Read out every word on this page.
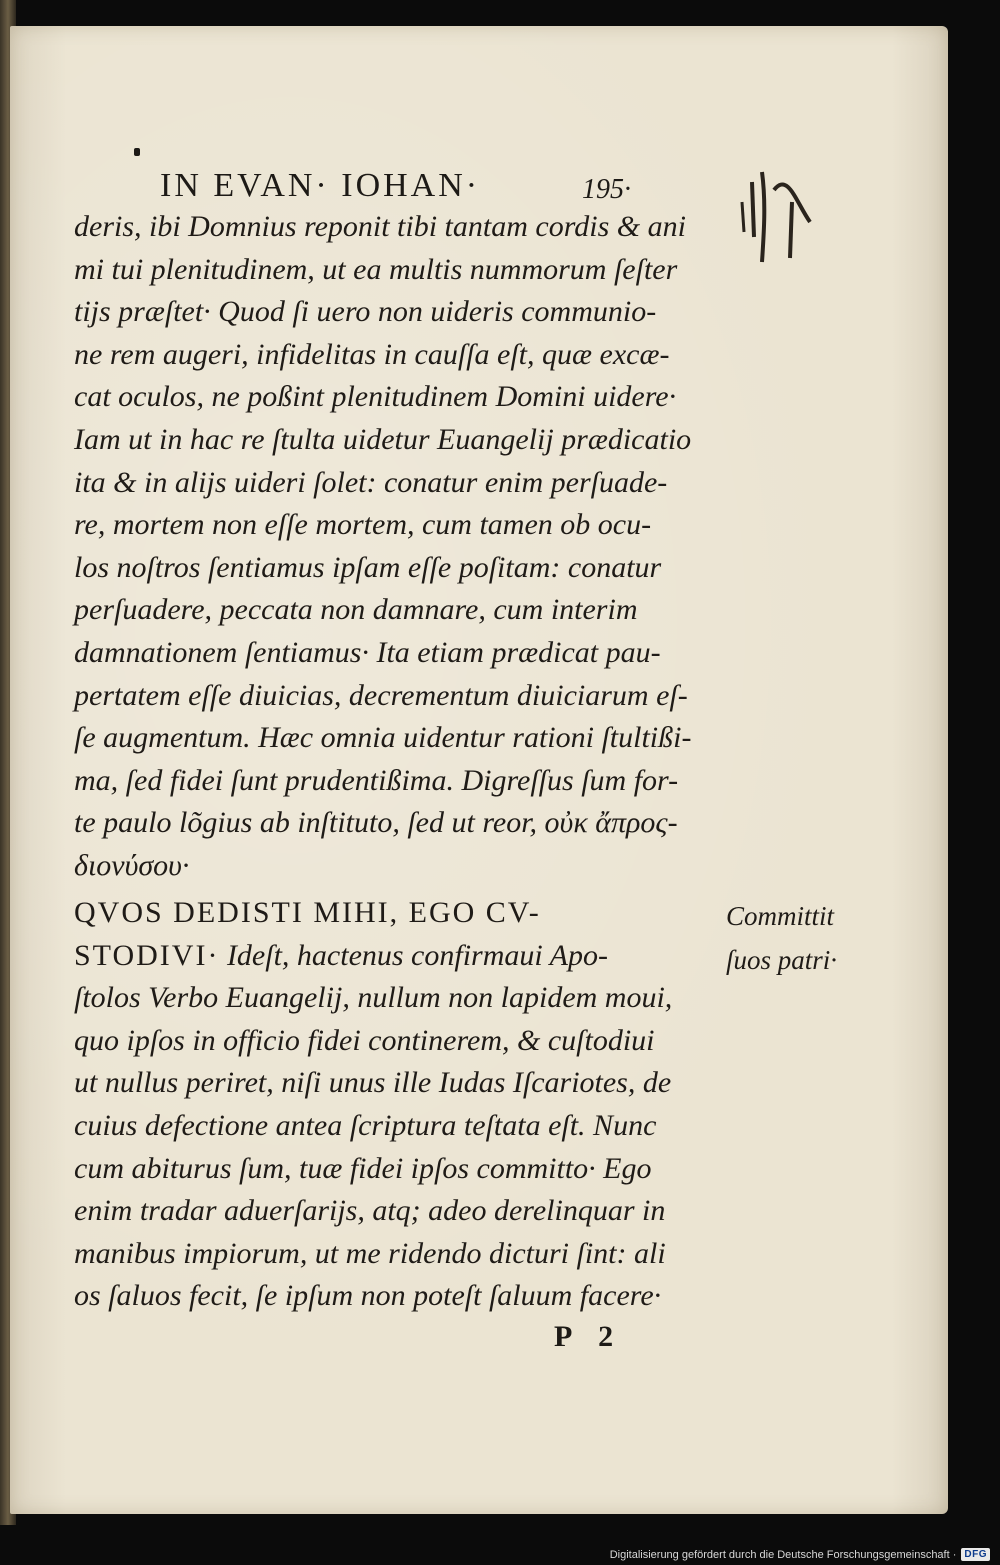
IN EVAN· IOHAN·	195·
deris, ibi Domnius reponit tibi tantam cordis & ani
mi tui plenitudinem, ut ea multis nummorum ſeſter
tijs præſtet· Quod ſi uero non uideris communio-
ne rem augeri, infidelitas in cauſſa eſt, quæ excæ-
cat oculos, ne poßint plenitudinem Domini uidere·
Iam ut in hac re ſtulta uidetur Euangelij prædicatio
ita & in alijs uideri ſolet: conatur enim perſuade-
re, mortem non eſſe mortem, cum tamen ob ocu-
los noſtros ſentiamus ipſam eſſe poſitam: conatur
perſuadere, peccata non damnare, cum interim
damnationem ſentiamus· Ita etiam prædicat pau-
pertatem eſſe diuicias, decrementum diuiciarum eſ-
ſe augmentum. Hæc omnia uidentur rationi ſtultißi-
ma, ſed fidei ſunt prudentißima. Digreſſus ſum for-
te paulo lõgius ab inſtituto, ſed ut reor, οὐκ ἄπρος-
διονύσου·
QVOS DEDISTI MIHI, EGO CV-
STODIVI· Ideſt, hactenus confirmaui Apo-
ſtolos Verbo Euangelij, nullum non lapidem moui,
quo ipſos in officio fidei continerem, & cuſtodiui
ut nullus periret, niſi unus ille Iudas Iſcariotes, de
cuius defectione antea ſcriptura teſtata eſt. Nunc
cum abiturus ſum, tuæ fidei ipſos committo· Ego
enim tradar aduerſarijs, atq; adeo derelinquar in
manibus impiorum, ut me ridendo dicturi ſint: ali
os ſaluos fecit, ſe ipſum non poteſt ſaluum facere·
Committit
ſuos patri·
P 2
Digitalisierung gefördert durch die Deutsche Forschungsgemeinschaft · DFG
